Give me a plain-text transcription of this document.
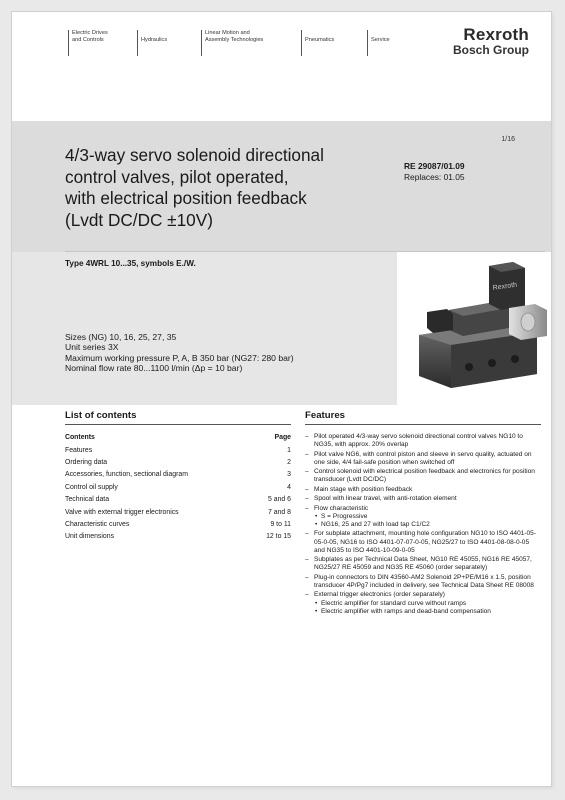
Electric Drives
and Controls	Hydraulics
Linear Motion and
Assembly Technologies	Pneumatics	Service	Rexroth
Bosch Group
1/16
RE 29087/01.09
Replaces: 01.05
4/3-way servo solenoid directional
control valves, pilot operated,
with electrical position feedback
(Lvdt DC/DC ±10V)
Type 4WRL 10...35, symbols E./W.
Sizes (NG) 10, 16, 25, 27, 35
Unit series 3X
Maximum working pressure P, A, B 350 bar (NG27: 280 bar)
Nominal flow rate 80...1100 l/min (Δp = 10 bar)
Rexroth
List of contents
Contents	Page
Features	1
Ordering data	2
Accessories, function, sectional diagram	3
Control oil supply	4
Technical data	5 and 6
Valve with external trigger electronics	7 and 8
Characteristic curves	9 to 11
Unit dimensions	12 to 15
Features
– Pilot operated 4/3-way servo solenoid directional control valves NG10 to NG35, with approx. 20% overlap
– Pilot valve NG6, with control piston and sleeve in servo quality, actuated on one side, 4/4 fail-safe position when switched off
– Control solenoid with electrical position feedback and electronics for position transducer (Lvdt DC/DC)
– Main stage with position feedback
– Spool with linear travel, with anti-rotation element
– Flow characteristic
• S = Progressive
• NG16, 25 and 27 with load tap C1/C2
– For subplate attachment, mounting hole configuration NG10 to ISO 4401-05-05-0-05, NG16 to ISO 4401-07-07-0-05, NG25/27 to ISO 4401-08-08-0-05 and NG35 to ISO 4401-10-09-0-05
– Subplates as per Technical Data Sheet, NG10 RE 45055, NG16 RE 45057, NG25/27 RE 45059 and NG35 RE 45060 (order separately)
– Plug-in connectors to DIN 43560-AM2 Solenoid 2P+PE/M16 x 1.5, position transducer 4P/Pg7 included in delivery, see Technical Data Sheet RE 08008
– External trigger electronics (order separately)
• Electric amplifier for standard curve without ramps
• Electric amplifier with ramps and dead-band compensation
